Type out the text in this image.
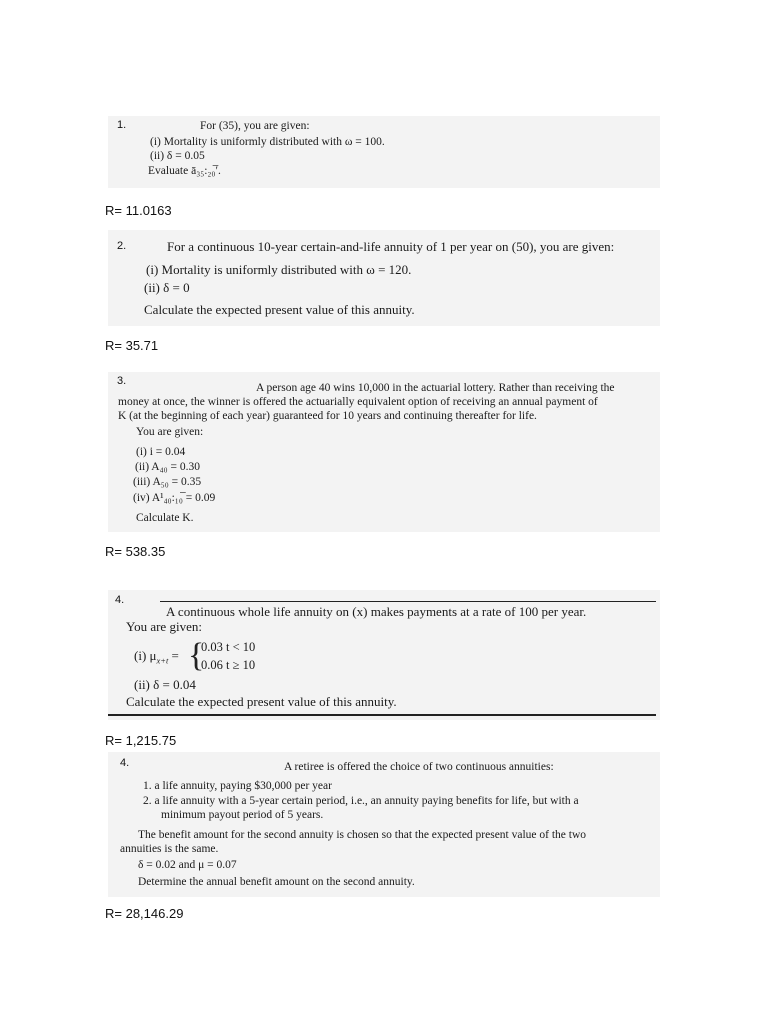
1.	For (35), you are given:
(i) Mortality is uniformly distributed with ω = 100.
(ii) δ = 0.05
Evaluate ā₃₅:₂₀̅′.
R= 11.0163
2.	For a continuous 10-year certain-and-life annuity of 1 per year on (50), you are given:
(i) Mortality is uniformly distributed with ω = 120.
(ii) δ = 0
Calculate the expected present value of this annuity.
R= 35.71
3.
A person age 40 wins 10,000 in the actuarial lottery. Rather than receiving the
money at once, the winner is offered the actuarially equivalent option of receiving an annual payment of
K (at the beginning of each year) guaranteed for 10 years and continuing thereafter for life.
You are given:
(i) i = 0.04
(ii) A₄₀ = 0.30
(iii) A₅₀ = 0.35
(iv) A¹₄₀:₁₀̅ = 0.09
Calculate K.
R= 538.35
4.
A continuous whole life annuity on (x) makes payments at a rate of 100 per year.
You are given:
(i) $\mu_{x+t}$ = {
0.03 t < 10
0.06 t ≥ 10
(ii) δ = 0.04
Calculate the expected present value of this annuity.
R= 1,215.75
4.	A retiree is offered the choice of two continuous annuities:
1. a life annuity, paying $30,000 per year
2. a life annuity with a 5-year certain period, i.e., an annuity paying benefits for life, but with a
minimum payout period of 5 years.
The benefit amount for the second annuity is chosen so that the expected present value of the two
annuities is the same.
δ = 0.02 and μ = 0.07
Determine the annual benefit amount on the second annuity.
R= 28,146.29
